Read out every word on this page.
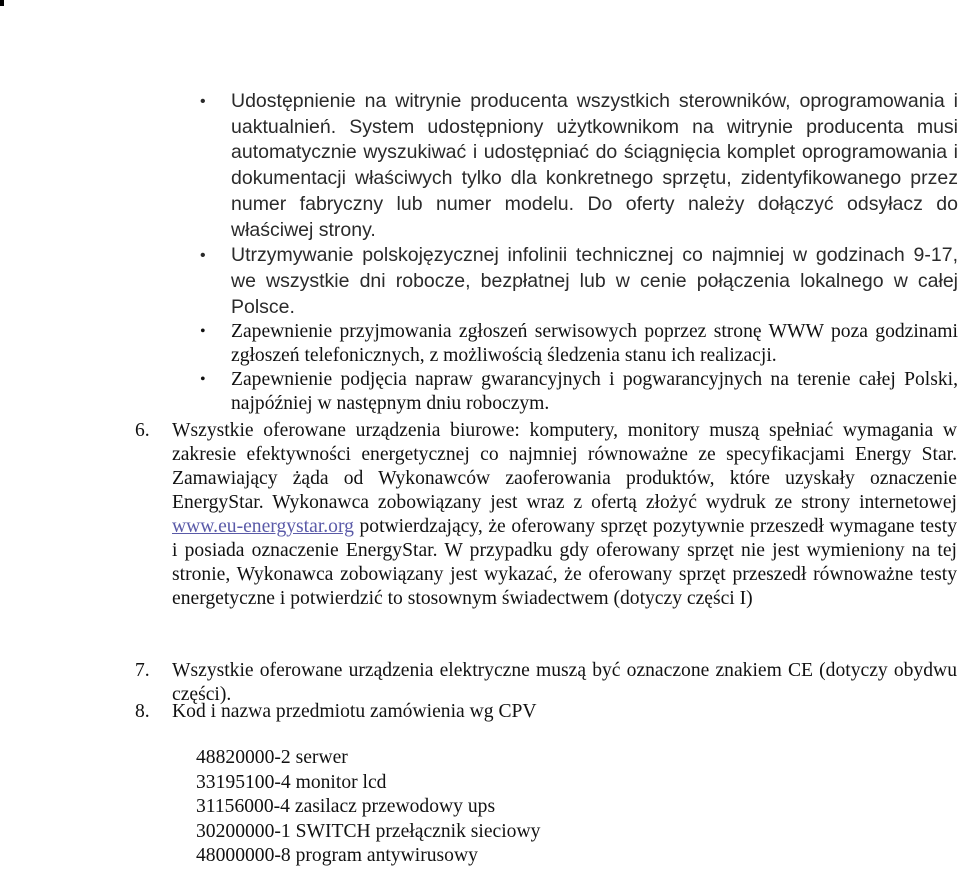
• Udostępnienie na witrynie producenta wszystkich sterowników, oprogramowania i uaktualnień. System udostępniony użytkownikom na witrynie producenta musi automatycznie wyszukiwać i udostępniać do ściągnięcia komplet oprogramowania i dokumentacji właściwych tylko dla konkretnego sprzętu, zidentyfikowanego przez numer fabryczny lub numer modelu. Do oferty należy dołączyć odsyłacz do właściwej strony.
• Utrzymywanie polskojęzycznej infolinii technicznej co najmniej w godzinach 9-17, we wszystkie dni robocze, bezpłatnej lub w cenie połączenia lokalnego w całej Polsce.
• Zapewnienie przyjmowania zgłoszeń serwisowych poprzez stronę WWW poza godzinami zgłoszeń telefonicznych, z możliwością śledzenia stanu ich realizacji.
• Zapewnienie podjęcia napraw gwarancyjnych i pogwarancyjnych na terenie całej Polski, najpóźniej w następnym dniu roboczym.
6. Wszystkie oferowane urządzenia biurowe: komputery, monitory muszą spełniać wymagania w zakresie efektywności energetycznej co najmniej równoważne ze specyfikacjami Energy Star. Zamawiający żąda od Wykonawców zaoferowania produktów, które uzyskały oznaczenie EnergyStar. Wykonawca zobowiązany jest wraz z ofertą złożyć wydruk ze strony internetowej www.eu-energystar.org potwierdzający, że oferowany sprzęt pozytywnie przeszedł wymagane testy i posiada oznaczenie EnergyStar. W przypadku gdy oferowany sprzęt nie jest wymieniony na tej stronie, Wykonawca zobowiązany jest wykazać, że oferowany sprzęt przeszedł równoważne testy energetyczne i potwierdzić to stosownym świadectwem (dotyczy części I)
7. Wszystkie oferowane urządzenia elektryczne muszą być oznaczone znakiem CE (dotyczy obydwu części).
8. Kod i nazwa przedmiotu zamówienia wg CPV
48820000-2 serwer
33195100-4 monitor lcd
31156000-4 zasilacz przewodowy ups
30200000-1 SWITCH przełącznik sieciowy
48000000-8 program antywirusowy
